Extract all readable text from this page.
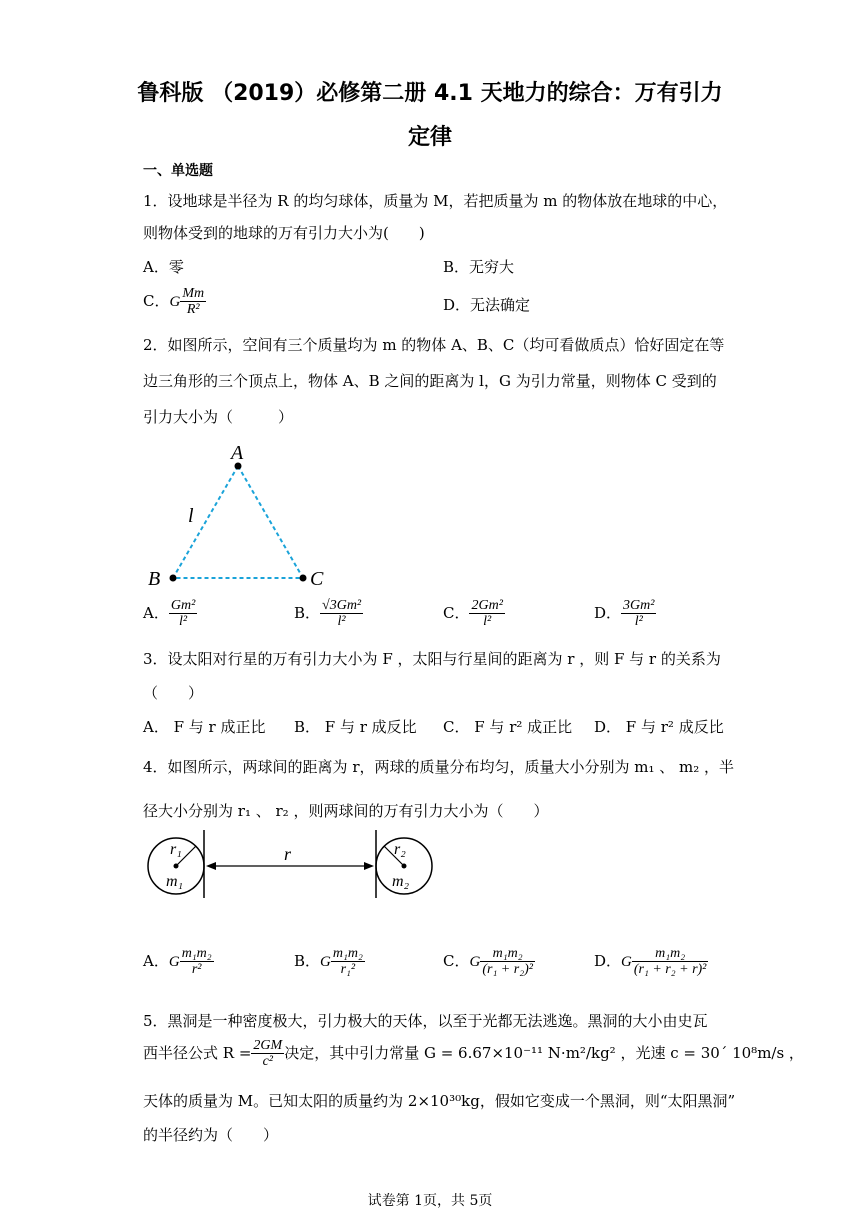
鲁科版 （2019）必修第二册 4.1 天地力的综合：万有引力
定律
一、单选题
1．设地球是半径为 R 的均匀球体，质量为 M，若把质量为 m 的物体放在地球的中心，
则物体受到的地球的万有引力大小为(　　)
A．零	B．无穷大
C．G $\frac{Mm}{\text{R²}}$	D．无法确定
2．如图所示，空间有三个质量均为 m 的物体 A、B、C（均可看做质点）恰好固定在等
边三角形的三个顶点上，物体 A、B 之间的距离为 l，G 为引力常量，则物体 C 受到的
引力大小为（　　　）
A
B	C
l
A． $\frac{\text{Gm²}}{\text{l²}}$	B． $\frac{\text{√3Gm²}}{\text{l²}}$	C． $\frac{\text{2Gm²}}{\text{l²}}$	D． $\frac{\text{3Gm²}}{\text{l²}}$
3．设太阳对行星的万有引力大小为 F ，太阳与行星间的距离为 r ，则 F 与 r 的关系为
（　　）
A． F 与 r 成正比 B． F 与 r 成反比 C． F 与 r² 成正比 D． F 与 r² 成反比
4．如图所示，两球间的距离为 r，两球的质量分布均匀，质量大小分别为 m₁ 、 m₂ ，半
径大小分别为 r₁ 、 r₂ ，则两球间的万有引力大小为（　　）
r₁
m₁
r	r₂
m₂
A．G $\frac{\text{m₁m₂}}{\text{r²}}$	B．G $\frac{\text{m₁m₂}}{\text{r₁²}}$	C．G $\frac{\text{m₁m₂}}{\text{(r₁ + r₂)²}}$	D．G $\frac{\text{m₁m₂}}{\text{(r₁ + r₂ + r)²}}$
5．黑洞是一种密度极大，引力极大的天体，以至于光都无法逃逸。黑洞的大小由史瓦
西半径公式 $R = \frac{2GM}{\text{c²}}$ 决定，其中引力常量 G = 6.67×10⁻¹¹ N·m²/kg² ，光速 c = 30´ 10⁸m/s ，
天体的质量为 M。已知太阳的质量约为 2×10³⁰kg，假如它变成一个黑洞，则“太阳黑洞”
的半径约为（　　）
试卷第 1页，共 5页
